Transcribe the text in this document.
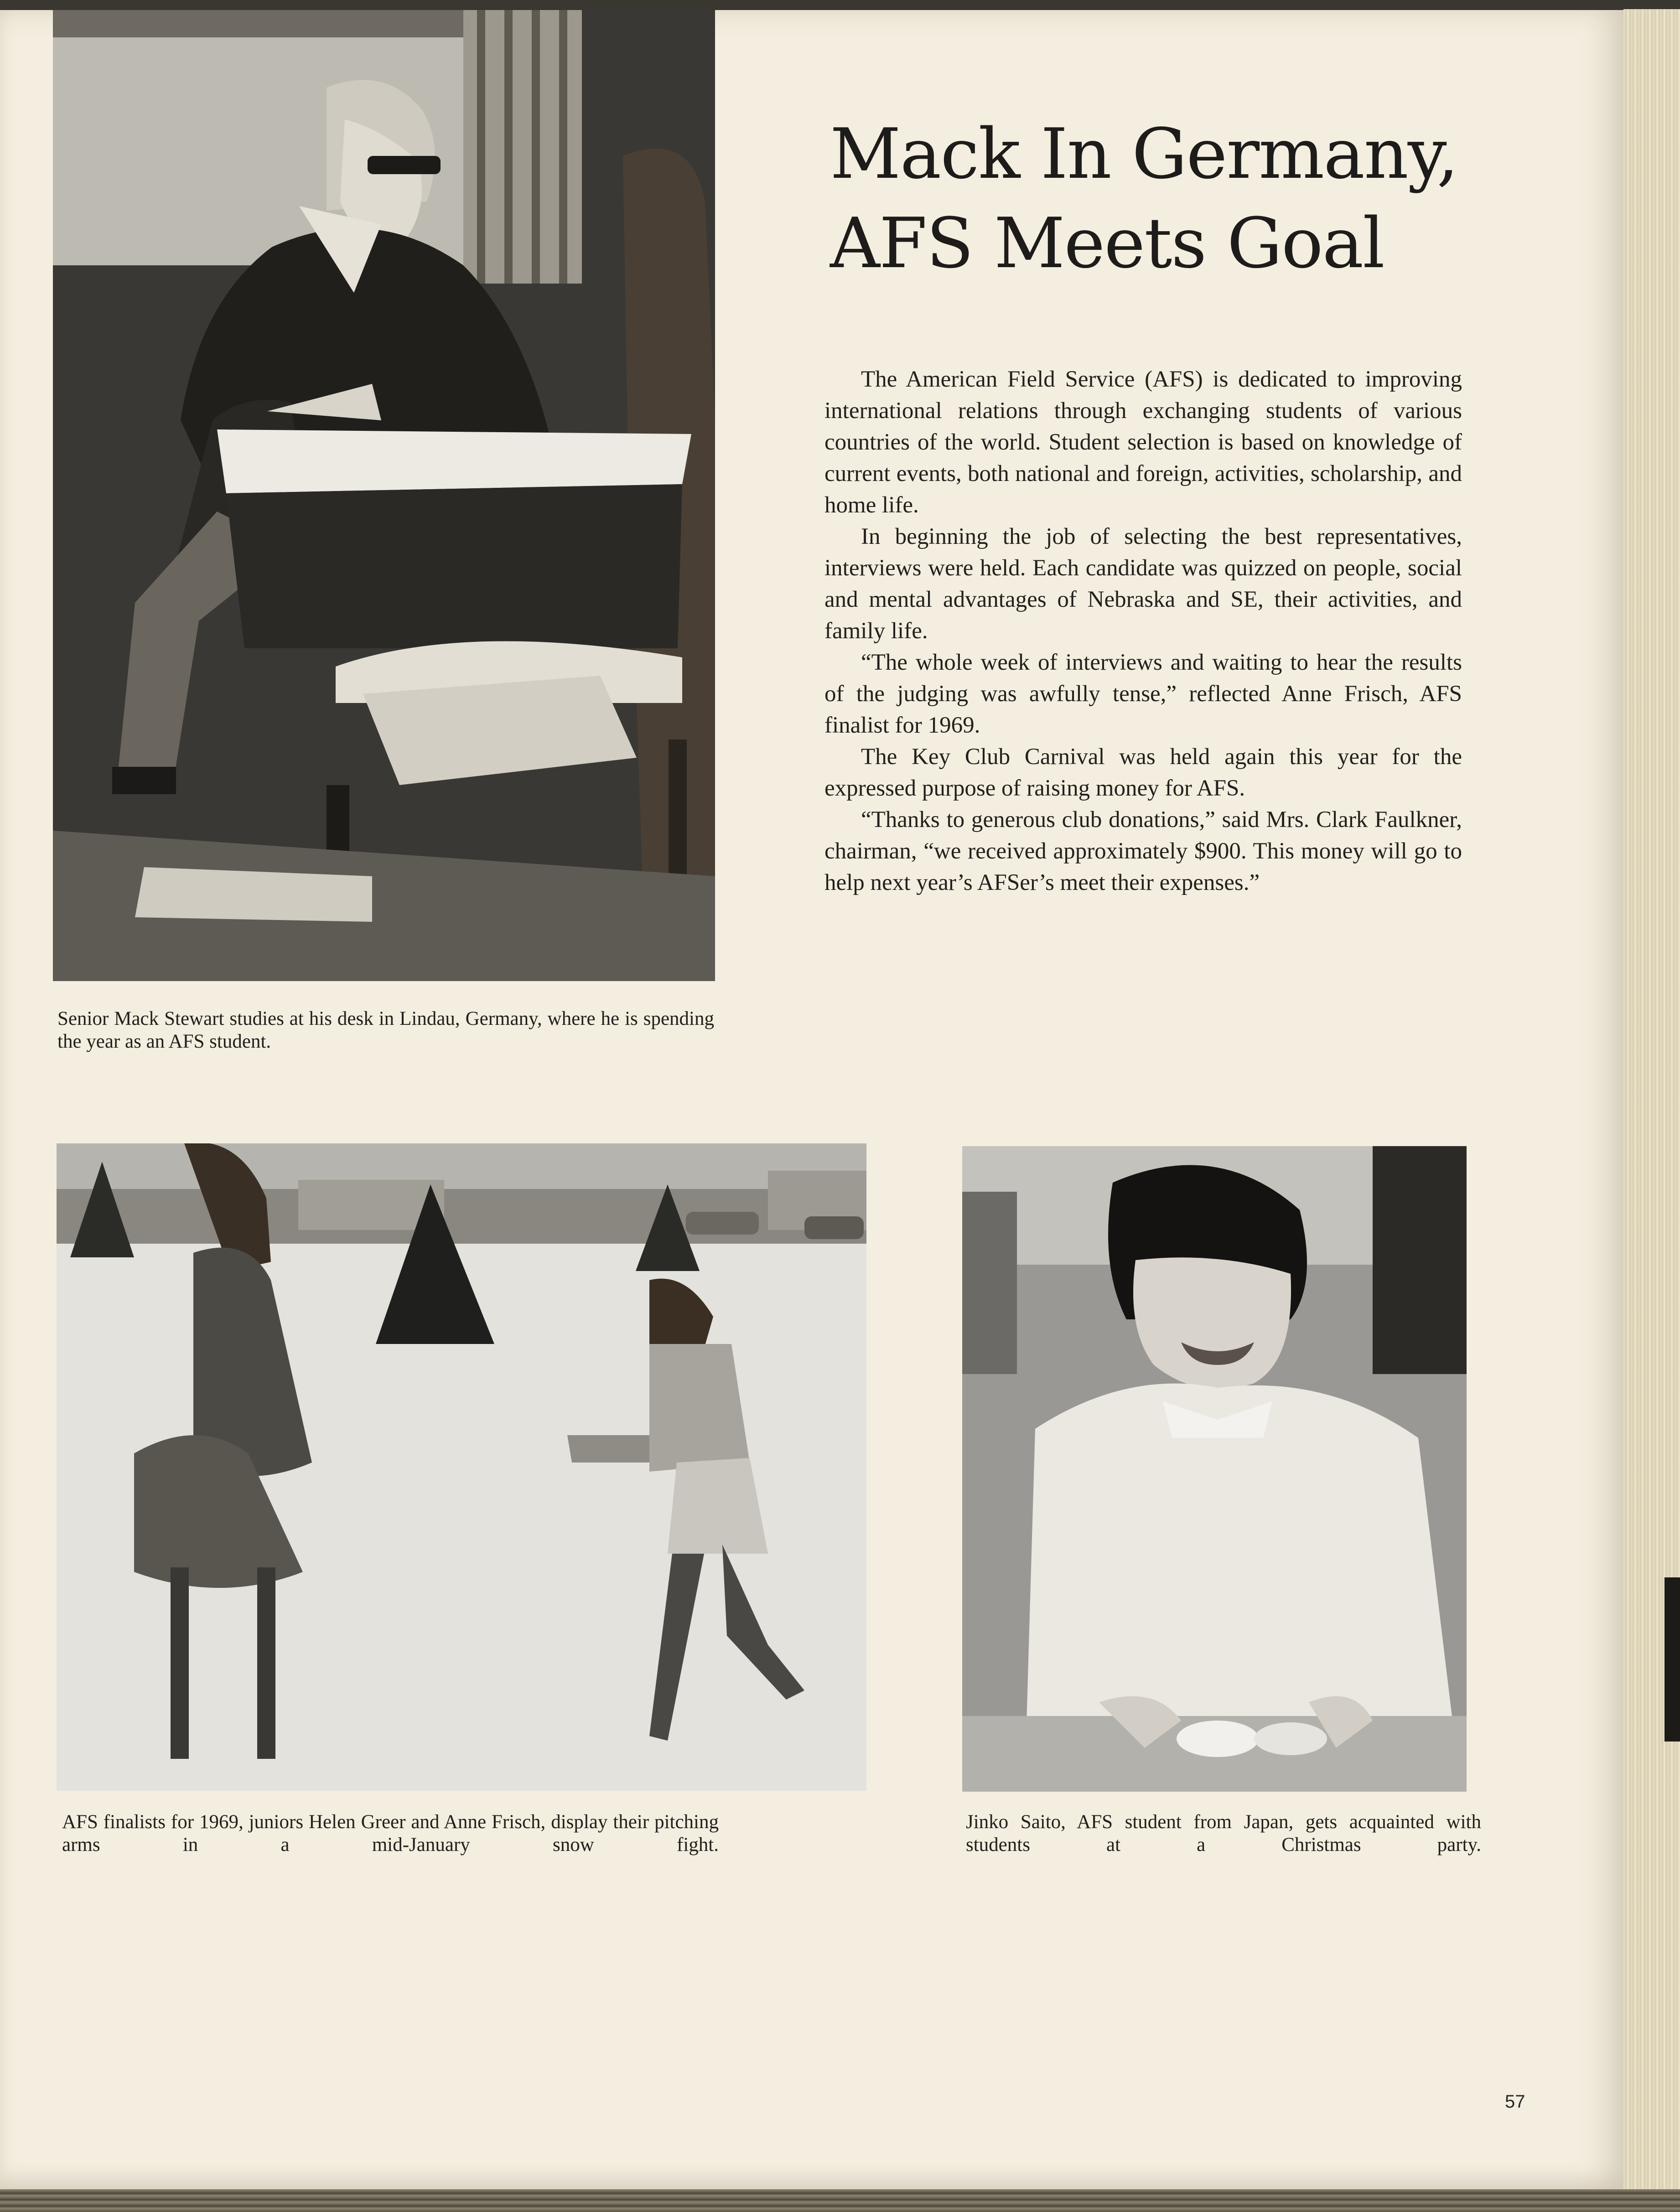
Mack In Germany,
AFS Meets Goal

The American Field Service (AFS) is dedicated to improving international relations through exchanging students of various countries of the world. Student selection is based on knowledge of current events, both national and foreign, activities, scholarship, and home life.

In beginning the job of selecting the best representatives, interviews were held. Each candidate was quizzed on people, social and mental advantages of Nebraska and SE, their activities, and family life.

“The whole week of interviews and waiting to hear the results of the judging was awfully tense,” reflected Anne Frisch, AFS finalist for 1969.

The Key Club Carnival was held again this year for the expressed purpose of raising money for AFS.

“Thanks to generous club donations,” said Mrs. Clark Faulkner, chairman, “we received approximately $900. This money will go to help next year’s AFSer’s meet their expenses.”

Senior Mack Stewart studies at his desk in Lindau, Germany, where he is spending the year as an AFS student.
AFS finalists for 1969, juniors Helen Greer and Anne Frisch, display their pitching arms in a mid-January snow fight.
Jinko Saito, AFS student from Japan, gets acquainted with students at a Christmas party.
57
